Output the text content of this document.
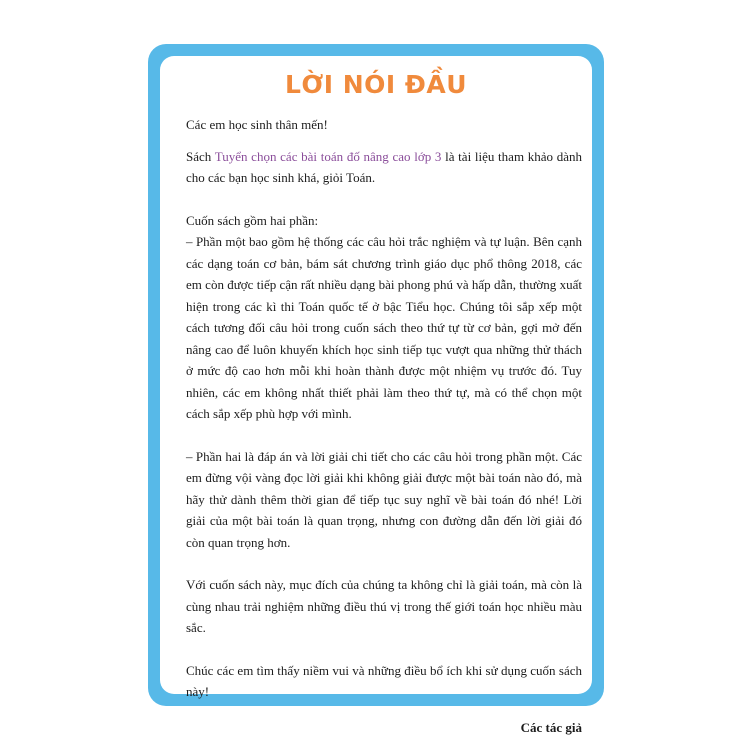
LỜI NÓI ĐẦU

Các em học sinh thân mến!

Sách Tuyển chọn các bài toán đố nâng cao lớp 3 là tài liệu tham khảo dành cho các bạn học sinh khá, giỏi Toán.

Cuốn sách gồm hai phần:

– Phần một bao gồm hệ thống các câu hỏi trắc nghiệm và tự luận. Bên cạnh các dạng toán cơ bản, bám sát chương trình giáo dục phổ thông 2018, các em còn được tiếp cận rất nhiều dạng bài phong phú và hấp dẫn, thường xuất hiện trong các kì thi Toán quốc tế ở bậc Tiểu học. Chúng tôi sắp xếp một cách tương đối câu hỏi trong cuốn sách theo thứ tự từ cơ bản, gợi mở đến nâng cao để luôn khuyến khích học sinh tiếp tục vượt qua những thử thách ở mức độ cao hơn mỗi khi hoàn thành được một nhiệm vụ trước đó. Tuy nhiên, các em không nhất thiết phải làm theo thứ tự, mà có thể chọn một cách sắp xếp phù hợp với mình.

– Phần hai là đáp án và lời giải chi tiết cho các câu hỏi trong phần một. Các em đừng vội vàng đọc lời giải khi không giải được một bài toán nào đó, mà hãy thử dành thêm thời gian để tiếp tục suy nghĩ về bài toán đó nhé! Lời giải của một bài toán là quan trọng, nhưng con đường dẫn đến lời giải đó còn quan trọng hơn.

Với cuốn sách này, mục đích của chúng ta không chỉ là giải toán, mà còn là cùng nhau trải nghiệm những điều thú vị trong thế giới toán học nhiều màu sắc.

Chúc các em tìm thấy niềm vui và những điều bổ ích khi sử dụng cuốn sách này!

Các tác giả
